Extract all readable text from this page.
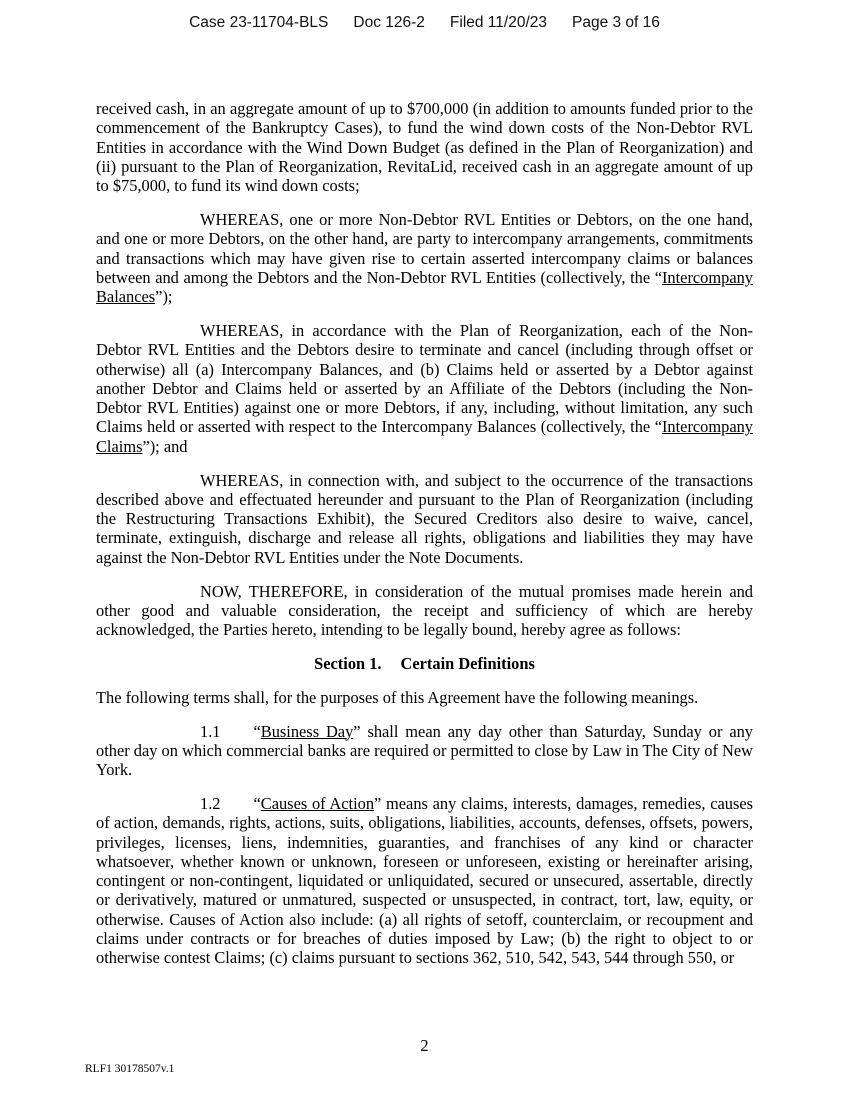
Case 23-11704-BLS Doc 126-2 Filed 11/20/23 Page 3 of 16

received cash, in an aggregate amount of up to $700,000 (in addition to amounts funded prior to the commencement of the Bankruptcy Cases), to fund the wind down costs of the Non-Debtor RVL Entities in accordance with the Wind Down Budget (as defined in the Plan of Reorganization) and (ii) pursuant to the Plan of Reorganization, RevitaLid, received cash in an aggregate amount of up to $75,000, to fund its wind down costs;

WHEREAS, one or more Non-Debtor RVL Entities or Debtors, on the one hand, and one or more Debtors, on the other hand, are party to intercompany arrangements, commitments and transactions which may have given rise to certain asserted intercompany claims or balances between and among the Debtors and the Non-Debtor RVL Entities (collectively, the “Intercompany Balances”);

WHEREAS, in accordance with the Plan of Reorganization, each of the Non-Debtor RVL Entities and the Debtors desire to terminate and cancel (including through offset or otherwise) all (a) Intercompany Balances, and (b) Claims held or asserted by a Debtor against another Debtor and Claims held or asserted by an Affiliate of the Debtors (including the Non-Debtor RVL Entities) against one or more Debtors, if any, including, without limitation, any such Claims held or asserted with respect to the Intercompany Balances (collectively, the “Intercompany Claims”); and

WHEREAS, in connection with, and subject to the occurrence of the transactions described above and effectuated hereunder and pursuant to the Plan of Reorganization (including the Restructuring Transactions Exhibit), the Secured Creditors also desire to waive, cancel, terminate, extinguish, discharge and release all rights, obligations and liabilities they may have against the Non-Debtor RVL Entities under the Note Documents.

NOW, THEREFORE, in consideration of the mutual promises made herein and other good and valuable consideration, the receipt and sufficiency of which are hereby acknowledged, the Parties hereto, intending to be legally bound, hereby agree as follows:

Section 1. Certain Definitions

The following terms shall, for the purposes of this Agreement have the following meanings.

1.1 “Business Day” shall mean any day other than Saturday, Sunday or any other day on which commercial banks are required or permitted to close by Law in The City of New York.

1.2 “Causes of Action” means any claims, interests, damages, remedies, causes of action, demands, rights, actions, suits, obligations, liabilities, accounts, defenses, offsets, powers, privileges, licenses, liens, indemnities, guaranties, and franchises of any kind or character whatsoever, whether known or unknown, foreseen or unforeseen, existing or hereinafter arising, contingent or non-contingent, liquidated or unliquidated, secured or unsecured, assertable, directly or derivatively, matured or unmatured, suspected or unsuspected, in contract, tort, law, equity, or otherwise. Causes of Action also include: (a) all rights of setoff, counterclaim, or recoupment and claims under contracts or for breaches of duties imposed by Law; (b) the right to object to or otherwise contest Claims; (c) claims pursuant to sections 362, 510, 542, 543, 544 through 550, or

2
RLF1 30178507v.1
